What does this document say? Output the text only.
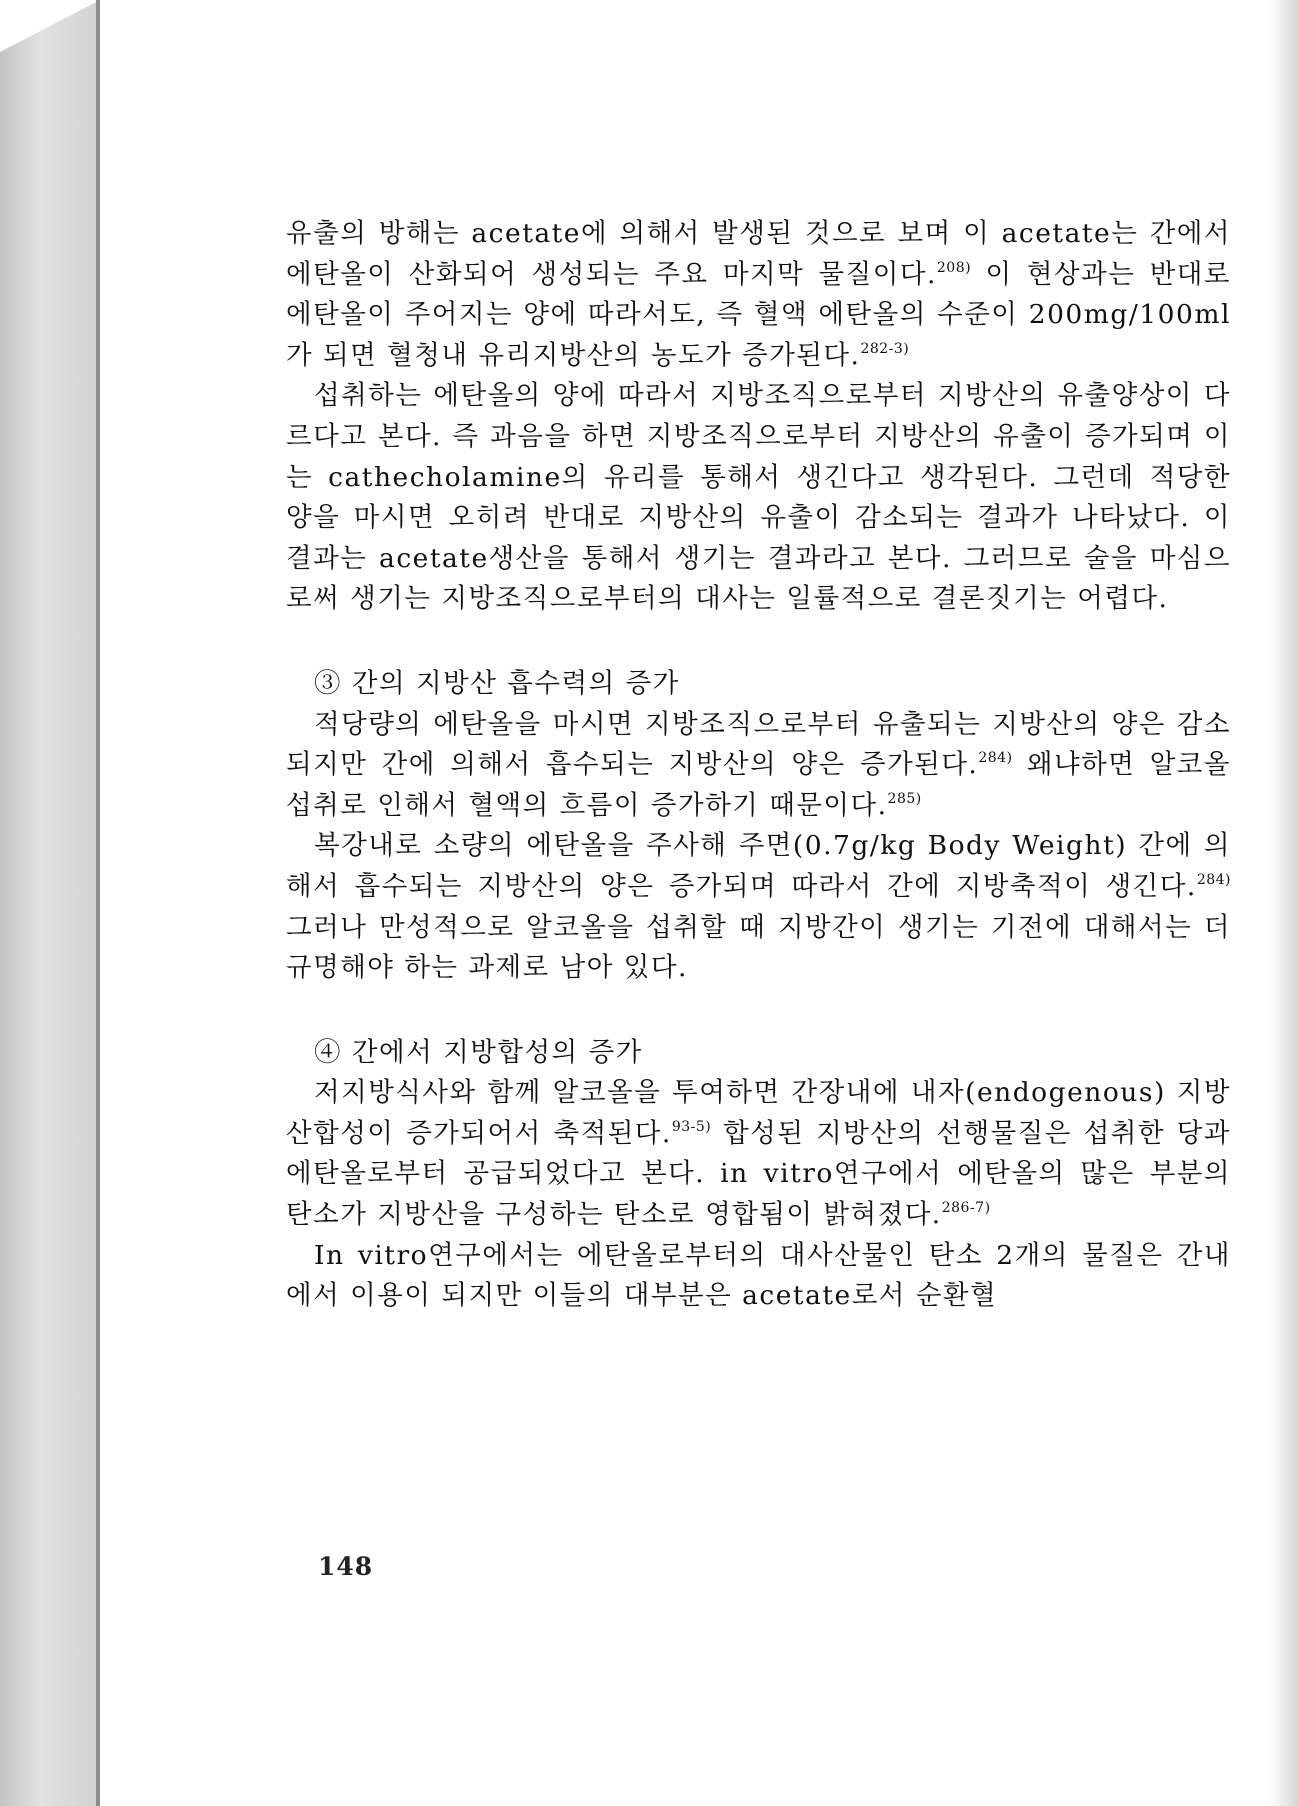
유출의 방해는 acetate에 의해서 발생된 것으로 보며 이 acetate는 간에서 에탄올이 산화되어 생성되는 주요 마지막 물질이다.$^{208)}$ 이 현상과는 반대로 에탄올이 주어지는 양에 따라서도, 즉 혈액 에탄올의 수준이 200mg/100ml가 되면 혈청내 유리지방산의 농도가 증가된다.$^{282-3)}$

섭취하는 에탄올의 양에 따라서 지방조직으로부터 지방산의 유출양상이 다르다고 본다. 즉 과음을 하면 지방조직으로부터 지방산의 유출이 증가되며 이는 cathecholamine의 유리를 통해서 생긴다고 생각된다. 그런데 적당한 양을 마시면 오히려 반대로 지방산의 유출이 감소되는 결과가 나타났다. 이 결과는 acetate생산을 통해서 생기는 결과라고 본다. 그러므로 술을 마심으로써 생기는 지방조직으로부터의 대사는 일률적으로 결론짓기는 어렵다.

③ 간의 지방산 흡수력의 증가

적당량의 에탄올을 마시면 지방조직으로부터 유출되는 지방산의 양은 감소되지만 간에 의해서 흡수되는 지방산의 양은 증가된다.$^{284)}$ 왜냐하면 알코올 섭취로 인해서 혈액의 흐름이 증가하기 때문이다.$^{285)}$

복강내로 소량의 에탄올을 주사해 주면(0.7g/kg Body Weight) 간에 의해서 흡수되는 지방산의 양은 증가되며 따라서 간에 지방축적이 생긴다.$^{284)}$ 그러나 만성적으로 알코올을 섭취할 때 지방간이 생기는 기전에 대해서는 더 규명해야 하는 과제로 남아 있다.

④ 간에서 지방합성의 증가

저지방식사와 함께 알코올을 투여하면 간장내에 내자(endogenous) 지방산합성이 증가되어서 축적된다.$^{93-5)}$ 합성된 지방산의 선행물질은 섭취한 당과 에탄올로부터 공급되었다고 본다. in vitro연구에서 에탄올의 많은 부분의 탄소가 지방산을 구성하는 탄소로 영합됨이 밝혀졌다.$^{286-7)}$

In vitro연구에서는 에탄올로부터의 대사산물인 탄소 2개의 물질은 간내에서 이용이 되지만 이들의 대부분은 acetate로서 순환혈

148
